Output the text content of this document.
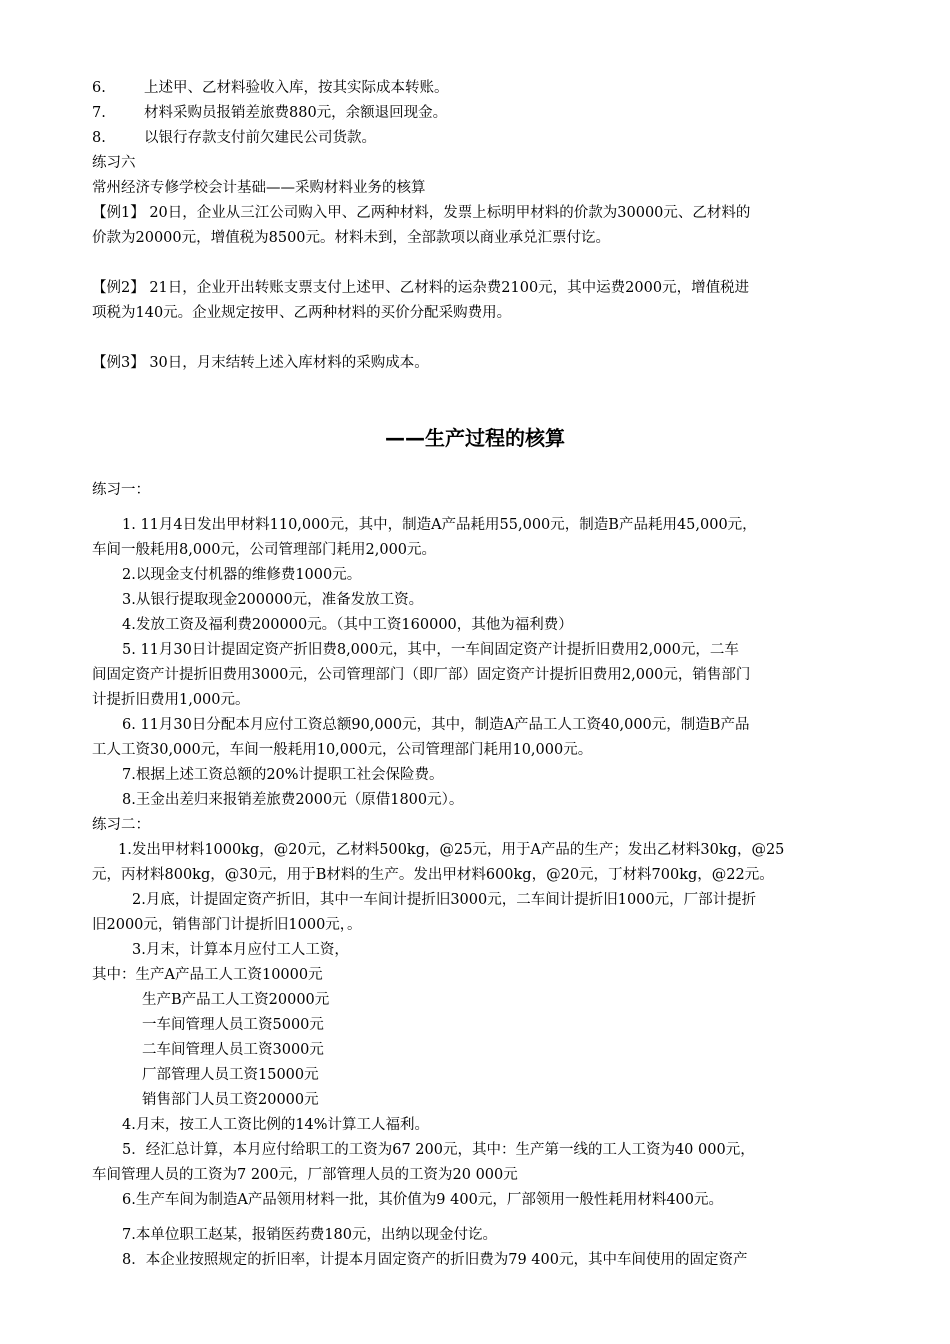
6.	上述甲、乙材料验收入库，按其实际成本转账。
7.	材料采购员报销差旅费880元，余额退回现金。
8.	以银行存款支付前欠建民公司货款。
练习六
常州经济专修学校会计基础——采购材料业务的核算
【例1】 20日，企业从三江公司购入甲、乙两种材料，发票上标明甲材料的价款为30000元、乙材料的
价款为20000元，增值税为8500元。材料未到，全部款项以商业承兑汇票付讫。
【例2】 21日，企业开出转账支票支付上述甲、乙材料的运杂费2100元，其中运费2000元，增值税进
项税为140元。企业规定按甲、乙两种材料的买价分配采购费用。
【例3】 30日，月末结转上述入库材料的采购成本。
——生产过程的核算
练习一：
1. 11月4日发出甲材料110,000元，其中，制造A产品耗用55,000元，制造B产品耗用45,000元，
车间一般耗用8,000元，公司管理部门耗用2,000元。
2.以现金支付机器的维修费1000元。
3.从银行提取现金200000元，准备发放工资。
4.发放工资及福利费200000元。（其中工资160000，其他为福利费）
5. 11月30日计提固定资产折旧费8,000元，其中，一车间固定资产计提折旧费用2,000元，二车
间固定资产计提折旧费用3000元，公司管理部门（即厂部）固定资产计提折旧费用2,000元，销售部门
计提折旧费用1,000元。
6. 11月30日分配本月应付工资总额90,000元，其中，制造A产品工人工资40,000元，制造B产品
工人工资30,000元，车间一般耗用10,000元，公司管理部门耗用10,000元。
7.根据上述工资总额的20%计提职工社会保险费。
8.王金出差归来报销差旅费2000元（原借1800元）。
练习二：
1.发出甲材料1000kg，@20元，乙材料500kg，@25元，用于A产品的生产；发出乙材料30kg，@25
元，丙材料800kg，@30元，用于B材料的生产。发出甲材料600kg，@20元，丁材料700kg，@22元。
2.月底，计提固定资产折旧，其中一车间计提折旧3000元，二车间计提折旧1000元，厂部计提折
旧2000元，销售部门计提折旧1000元，。
3.月末，计算本月应付工人工资，
其中：生产A产品工人工资10000元
生产B产品工人工资20000元
一车间管理人员工资5000元
二车间管理人员工资3000元
厂部管理人员工资15000元
销售部门人员工资20000元
4.月末，按工人工资比例的14%计算工人福利。
5．经汇总计算，本月应付给职工的工资为67 200元，其中：生产第一线的工人工资为40 000元，
车间管理人员的工资为7 200元，厂部管理人员的工资为20 000元
6.生产车间为制造A产品领用材料一批，其价值为9 400元，厂部领用一般性耗用材料400元。
7.本单位职工赵某，报销医药费180元，出纳以现金付讫。
8．本企业按照规定的折旧率，计提本月固定资产的折旧费为79 400元，其中车间使用的固定资产
